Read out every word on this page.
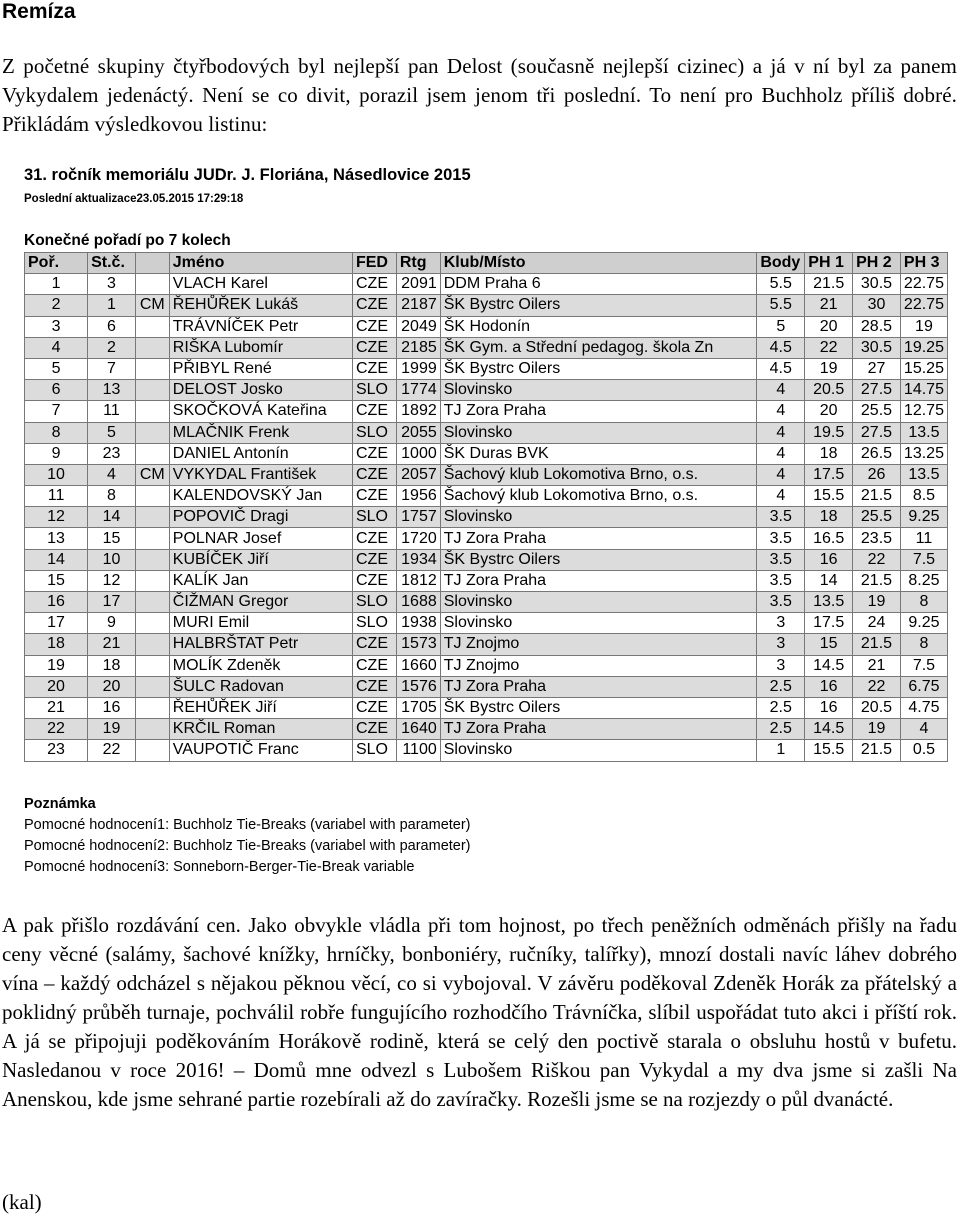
Remíza

Z početné skupiny čtyřbodových byl nejlepší pan Delost (současně nejlepší cizinec) a já v ní byl za panem Vykydalem jedenáctý. Není se co divit, porazil jsem jenom tři poslední. To není pro Buchholz příliš dobré. Přikládám výsledkovou listinu:

31. ročník memoriálu JUDr. J. Floriána, Násedlovice 2015
Poslední aktualizace23.05.2015 17:29:18
Konečné pořadí po 7 kolech
Poř.	St.č.		Jméno	FED	Rtg	Klub/Místo	Body	PH 1	PH 2	PH 3
1	3		VLACH Karel	CZE	2091	DDM Praha 6	5.5	21.5	30.5	22.75
2	1	CM	ŘEHŮŘEK Lukáš	CZE	2187	ŠK Bystrc Oilers	5.5	21	30	22.75
3	6		TRÁVNÍČEK Petr	CZE	2049	ŠK Hodonín	5	20	28.5	19
4	2		RIŠKA Lubomír	CZE	2185	ŠK Gym. a Střední pedagog. škola Zn	4.5	22	30.5	19.25
5	7		PŘIBYL René	CZE	1999	ŠK Bystrc Oilers	4.5	19	27	15.25
6	13		DELOST Josko	SLO	1774	Slovinsko	4	20.5	27.5	14.75
7	11		SKOČKOVÁ Kateřina	CZE	1892	TJ Zora Praha	4	20	25.5	12.75
8	5		MLAČNIK Frenk	SLO	2055	Slovinsko	4	19.5	27.5	13.5
9	23		DANIEL Antonín	CZE	1000	ŠK Duras BVK	4	18	26.5	13.25
10	4	CM	VYKYDAL František	CZE	2057	Šachový klub Lokomotiva Brno, o.s.	4	17.5	26	13.5
11	8		KALENDOVSKÝ Jan	CZE	1956	Šachový klub Lokomotiva Brno, o.s.	4	15.5	21.5	8.5
12	14		POPOVIČ Dragi	SLO	1757	Slovinsko	3.5	18	25.5	9.25
13	15		POLNAR Josef	CZE	1720	TJ Zora Praha	3.5	16.5	23.5	11
14	10		KUBÍČEK Jiří	CZE	1934	ŠK Bystrc Oilers	3.5	16	22	7.5
15	12		KALÍK Jan	CZE	1812	TJ Zora Praha	3.5	14	21.5	8.25
16	17		ČIŽMAN Gregor	SLO	1688	Slovinsko	3.5	13.5	19	8
17	9		MURI Emil	SLO	1938	Slovinsko	3	17.5	24	9.25
18	21		HALBRŠTAT Petr	CZE	1573	TJ Znojmo	3	15	21.5	8
19	18		MOLÍK Zdeněk	CZE	1660	TJ Znojmo	3	14.5	21	7.5
20	20		ŠULC Radovan	CZE	1576	TJ Zora Praha	2.5	16	22	6.75
21	16		ŘEHŮŘEK Jiří	CZE	1705	ŠK Bystrc Oilers	2.5	16	20.5	4.75
22	19		KRČIL Roman	CZE	1640	TJ Zora Praha	2.5	14.5	19	4
23	22		VAUPOTIČ Franc	SLO	1100	Slovinsko	1	15.5	21.5	0.5
Poznámka
Pomocné hodnocení1: Buchholz Tie-Breaks (variabel with parameter)
Pomocné hodnocení2: Buchholz Tie-Breaks (variabel with parameter)
Pomocné hodnocení3: Sonneborn-Berger-Tie-Break variable

A pak přišlo rozdávání cen. Jako obvykle vládla při tom hojnost, po třech peněžních odměnách přišly na řadu ceny věcné (salámy, šachové knížky, hrníčky, bonboniéry, ručníky, talířky), mnozí dostali navíc láhev dobrého vína – každý odcházel s nějakou pěknou věcí, co si vybojoval. V závěru poděkoval Zdeněk Horák za přátelský a poklidný průběh turnaje, pochválil robře fungujícího rozhodčího Trávníčka, slíbil uspořádat tuto akci i příští rok. A já se připojuji poděkováním Horákově rodině, která se celý den poctivě starala o obsluhu hostů v bufetu. Nasledanou v roce 2016! – Domů mne odvezl s Lubošem Riškou pan Vykydal a my dva jsme si zašli Na Anenskou, kde jsme sehrané partie rozebírali až do zavíračky. Rozešli jsme se na rozjezdy o půl dvanácté.

(kal)
